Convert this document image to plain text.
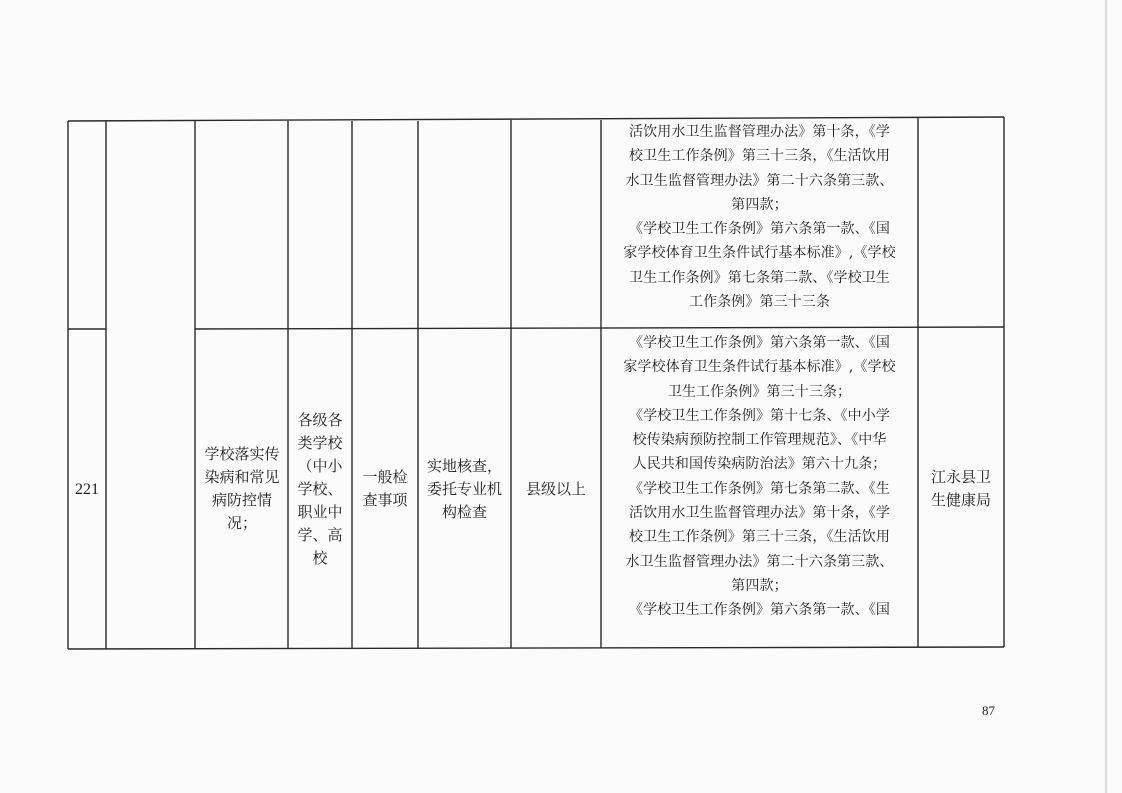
活饮用水卫生监督管理办法》第十条，《学
校卫生工作条例》第三十三条，《生活饮用
水卫生监督管理办法》第二十六条第三款、
第四款；
《学校卫生工作条例》第六条第一款、《国
家学校体育卫生条件试行基本标准》,《学校
卫生工作条例》第七条第二款、《学校卫生
工作条例》第三十三条
221
学校落实传染病和常见病防控情况；
各级各类学校（中小学校、职业中学、高校
一般检查事项
实地核查，委托专业机构检查
县级以上
《学校卫生工作条例》第六条第一款、《国
家学校体育卫生条件试行基本标准》,《学校
卫生工作条例》第三十三条；
《学校卫生工作条例》第十七条、《中小学
校传染病预防控制工作管理规范》、《中华
人民共和国传染病防治法》第六十九条；
《学校卫生工作条例》第七条第二款、《生
活饮用水卫生监督管理办法》第十条，《学
校卫生工作条例》第三十三条，《生活饮用
水卫生监督管理办法》第二十六条第三款、
第四款；
《学校卫生工作条例》第六条第一款、《国
江永县卫生健康局
87
